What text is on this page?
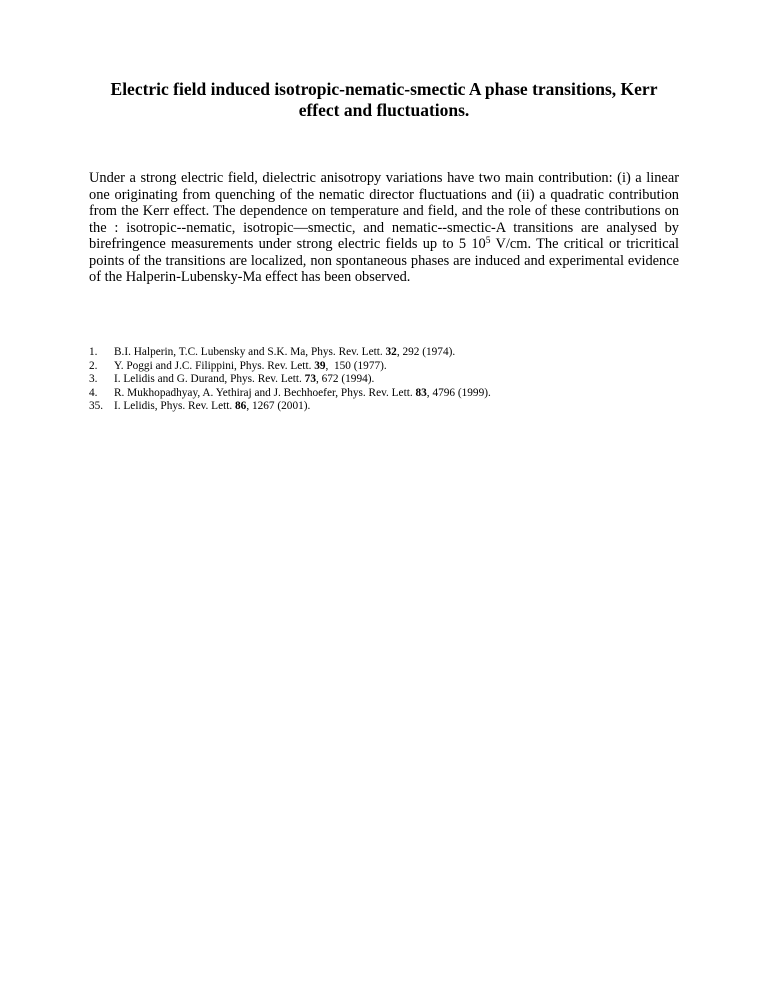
Electric field induced isotropic-nematic-smectic A phase transitions, Kerr effect and fluctuations.

Under a strong electric field, dielectric anisotropy variations have two main contribution: (i) a linear one originating from quenching of the nematic director fluctuations and (ii) a quadratic contribution from the Kerr effect. The dependence on temperature and field, and the role of these contributions on the : isotropic--nematic, isotropic—smectic, and nematic--smectic-A transitions are analysed by birefringence measurements under strong electric fields up to 5 $10^5$ V/cm. The critical or tricritical points of the transitions are localized, non spontaneous phases are induced and experimental evidence of the Halperin-Lubensky-Ma effect has been observed.

1.	B.I. Halperin, T.C. Lubensky and S.K. Ma, Phys. Rev. Lett. 32, 292 (1974).
2.	Y. Poggi and J.C. Filippini, Phys. Rev. Lett. 39,  150 (1977).
3.	I. Lelidis and G. Durand, Phys. Rev. Lett. 73, 672 (1994).
4.	R. Mukhopadhyay, A. Yethiraj and J. Bechhoefer, Phys. Rev. Lett. 83, 4796 (1999).
35. I. Lelidis, Phys. Rev. Lett. 86, 1267 (2001).
